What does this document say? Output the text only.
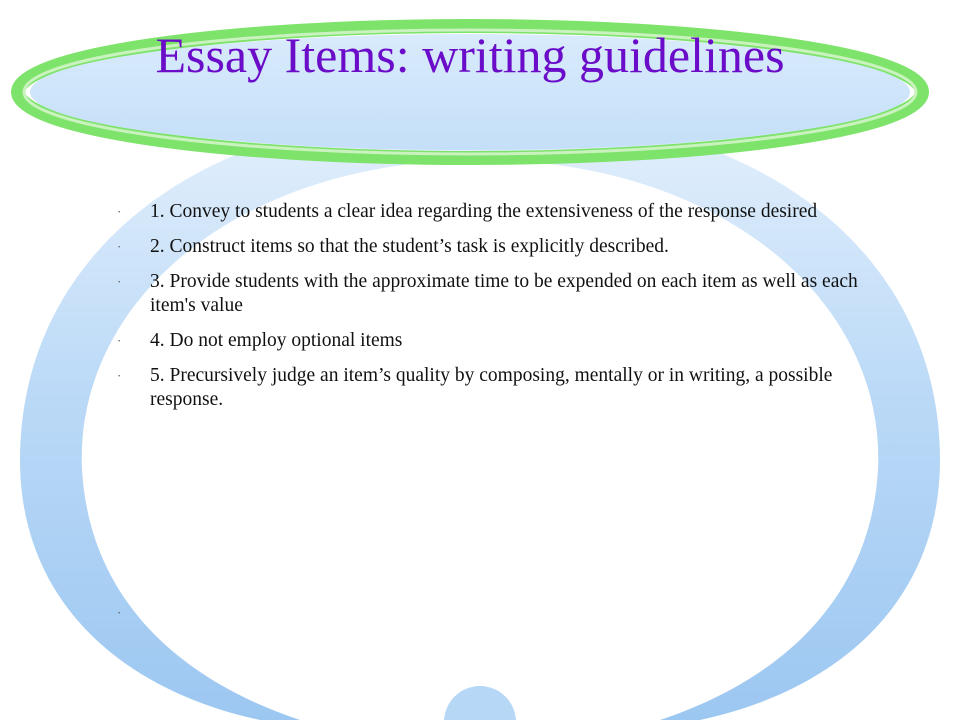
Essay Items: writing guidelines
· 1. Convey to students a clear idea regarding the extensiveness of the response desired
· 2. Construct items so that the student’s task is explicitly described.
· 3. Provide students with the approximate time to be expended on each item as well as each item's value
· 4. Do not employ optional items
· 5. Precursively judge an item’s quality by composing, mentally or in writing, a possible response.
·
